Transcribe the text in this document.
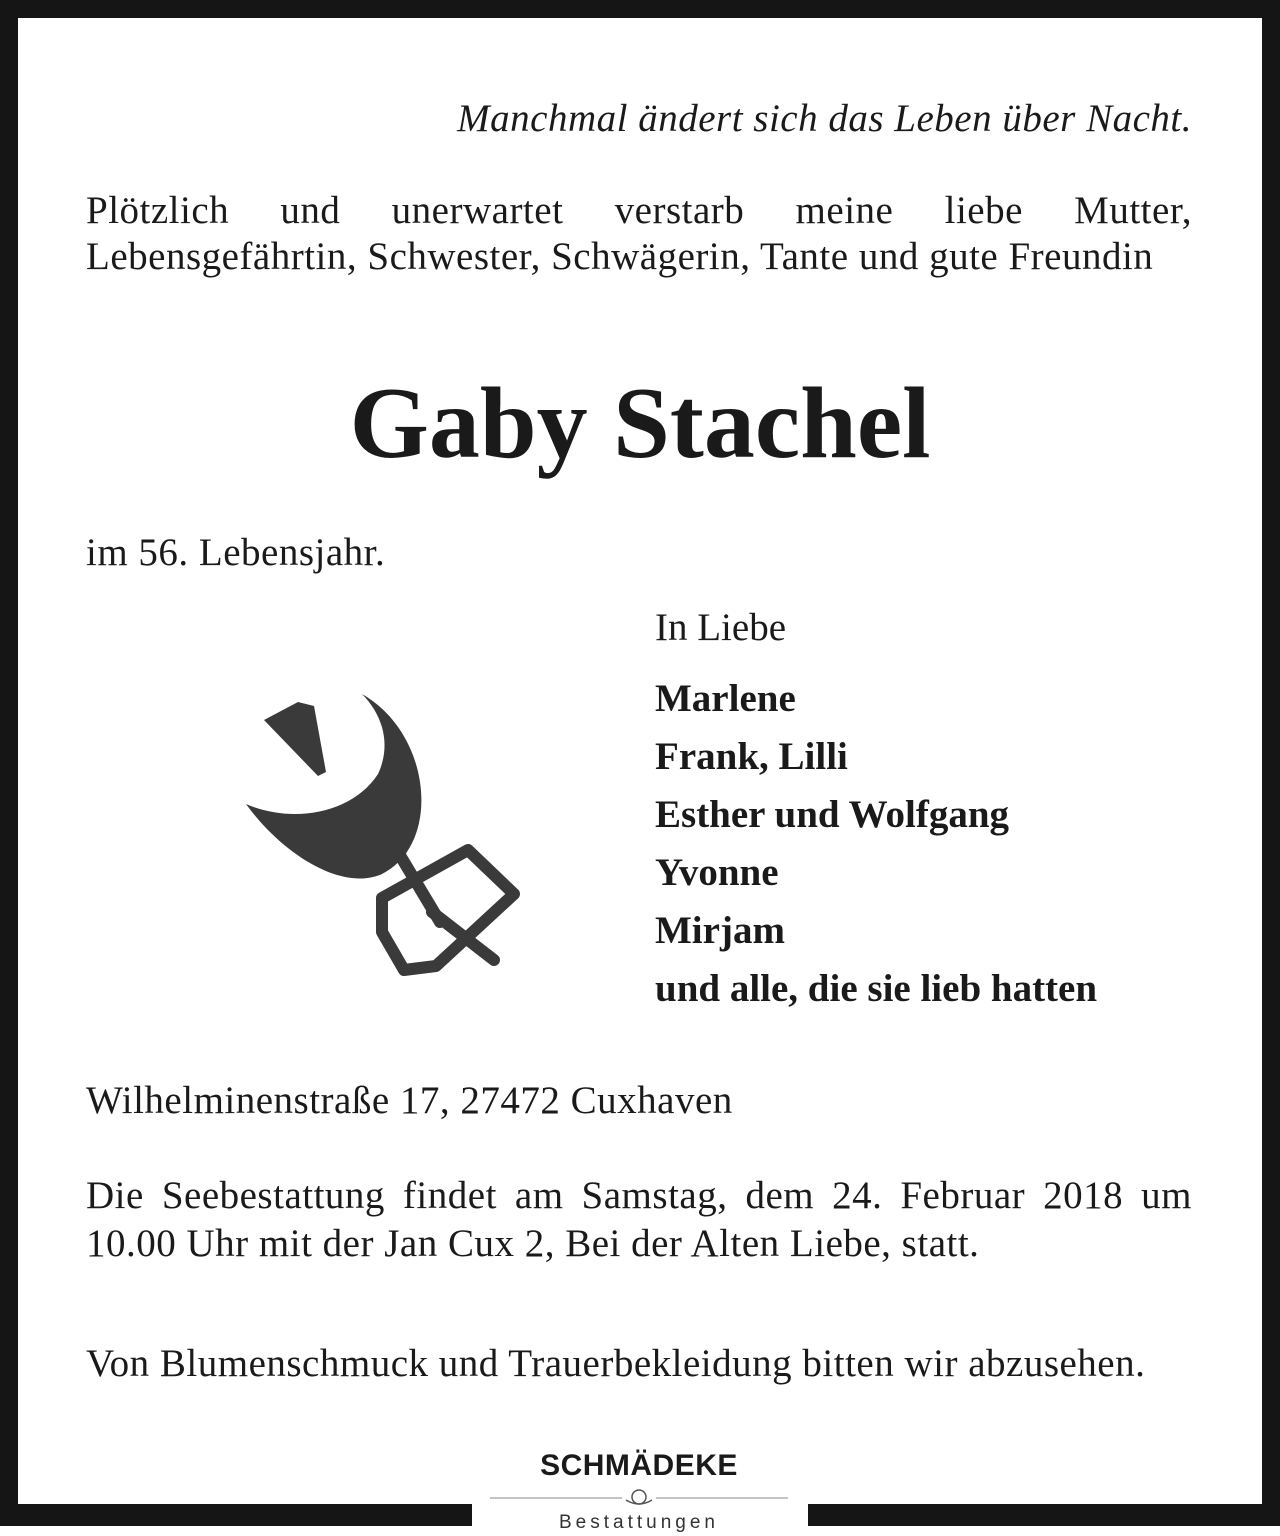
Manchmal ändert sich das Leben über Nacht.
Plötzlich und unerwartet verstarb meine liebe Mutter, Lebensgefährtin, Schwester, Schwägerin, Tante und gute Freundin
Gaby Stachel
im 56. Lebensjahr.
In Liebe
Marlene
Frank, Lilli
Esther und Wolfgang
Yvonne
Mirjam
und alle, die sie lieb hatten
Wilhelminenstraße 17, 27472 Cuxhaven
Die Seebestattung findet am Samstag, dem 24. Februar 2018 um 10.00 Uhr mit der Jan Cux 2, Bei der Alten Liebe, statt.
Von Blumenschmuck und Trauerbekleidung bitten wir abzusehen.
SCHMÄDEKE
Bestattungen
